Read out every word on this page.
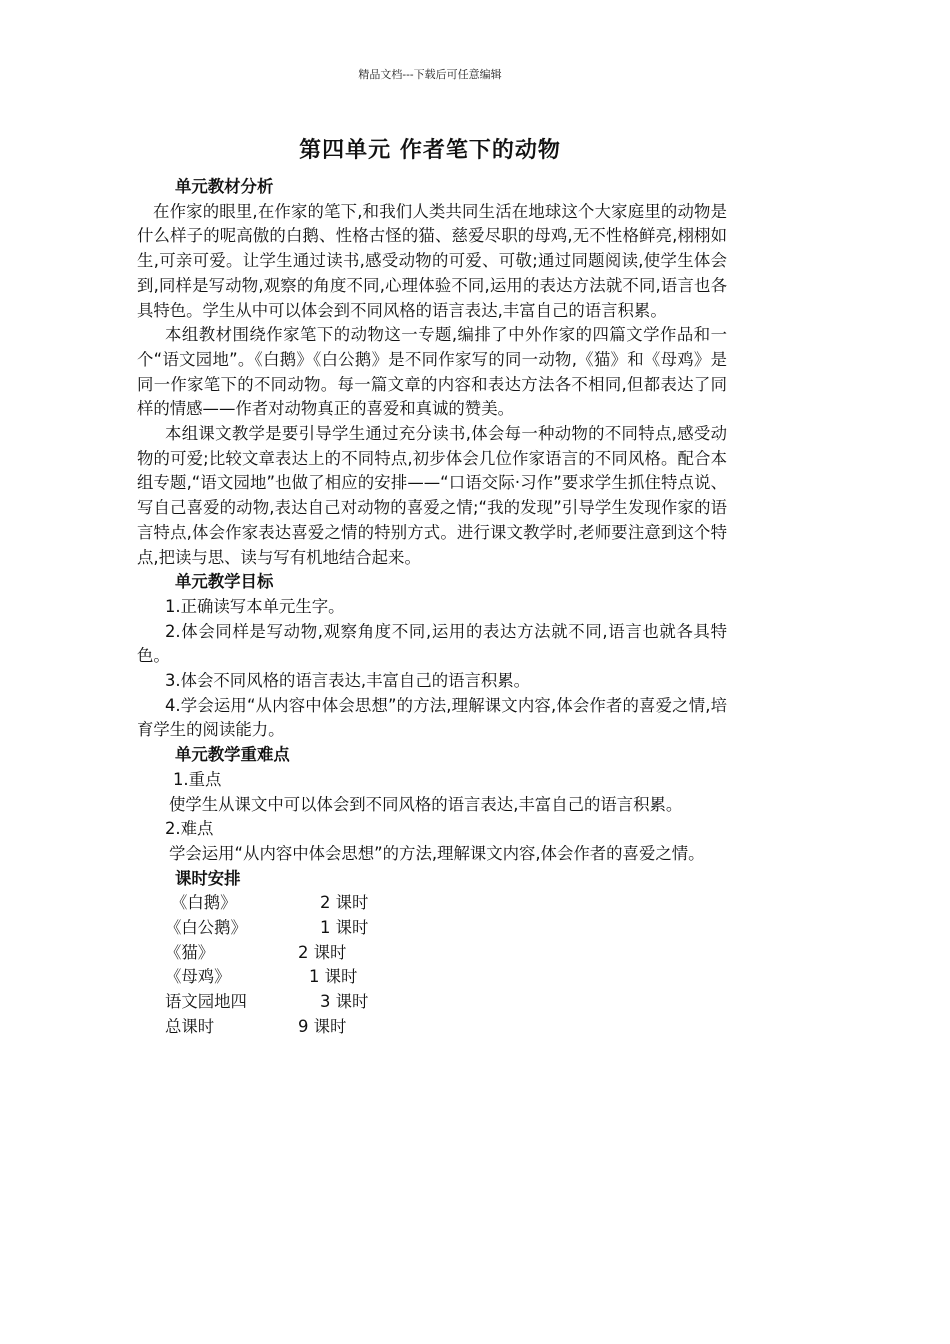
精品文档---下载后可任意编辑
第四单元 作者笔下的动物

单元教材分析

在作家的眼里,在作家的笔下,和我们人类共同生活在地球这个大家庭里的动物是什么样子的呢高傲的白鹅、性格古怪的猫、慈爱尽职的母鸡,无不性格鲜亮,栩栩如生,可亲可爱。让学生通过读书,感受动物的可爱、可敬;通过同题阅读,使学生体会到,同样是写动物,观察的角度不同,心理体验不同,运用的表达方法就不同,语言也各具特色。学生从中可以体会到不同风格的语言表达,丰富自己的语言积累。

本组教材围绕作家笔下的动物这一专题,编排了中外作家的四篇文学作品和一个“语文园地”。《白鹅》《白公鹅》是不同作家写的同一动物,《猫》和《母鸡》是同一作家笔下的不同动物。每一篇文章的内容和表达方法各不相同,但都表达了同样的情感——作者对动物真正的喜爱和真诚的赞美。

本组课文教学是要引导学生通过充分读书,体会每一种动物的不同特点,感受动物的可爱;比较文章表达上的不同特点,初步体会几位作家语言的不同风格。配合本组专题,“语文园地”也做了相应的安排——“口语交际·习作”要求学生抓住特点说、写自己喜爱的动物,表达自己对动物的喜爱之情;“我的发现”引导学生发现作家的语言特点,体会作家表达喜爱之情的特别方式。进行课文教学时,老师要注意到这个特点,把读与思、读与写有机地结合起来。

单元教学目标

1.正确读写本单元生字。

2.体会同样是写动物,观察角度不同,运用的表达方法就不同,语言也就各具特色。

3.体会不同风格的语言表达,丰富自己的语言积累。

4.学会运用“从内容中体会思想”的方法,理解课文内容,体会作者的喜爱之情,培育学生的阅读能力。

单元教学重难点

1.重点

使学生从课文中可以体会到不同风格的语言表达,丰富自己的语言积累。

2.难点

学会运用“从内容中体会思想”的方法,理解课文内容,体会作者的喜爱之情。

课时安排

《白鹅》	2 课时
《白公鹅》	1 课时
《猫》	2 课时
《母鸡》	1 课时
语文园地四	3 课时
总课时	9 课时
